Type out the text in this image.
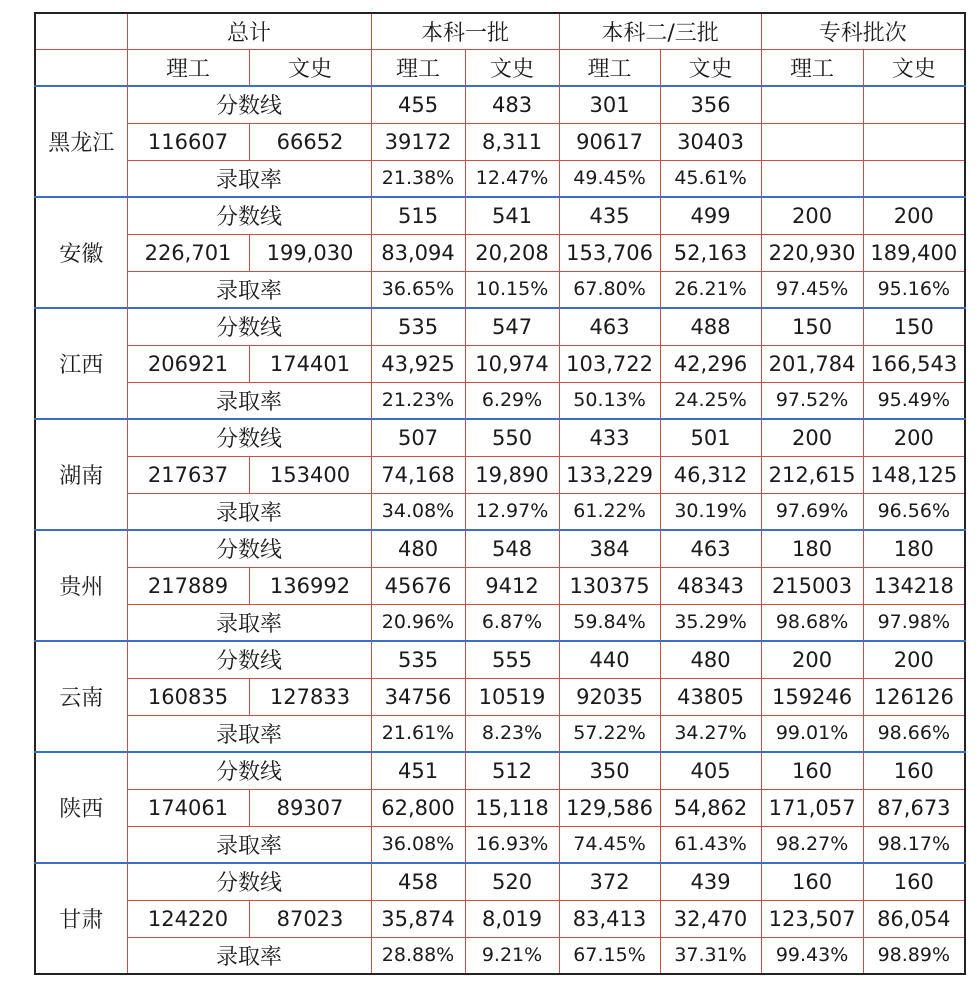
	总计		本科一批		本科二/三批		专科批次	
	理工	文史	理工	文史	理工	文史	理工	文史
黑龙江	分数线		455	483	301	356		
	116607	66652	39172	8,311	90617	30403		
	录取率		21.38%	12.47%	49.45%	45.61%		
安徽	分数线		515	541	435	499	200	200
	226,701	199,030	83,094	20,208	153,706	52,163	220,930	189,400
	录取率		36.65%	10.15%	67.80%	26.21%	97.45%	95.16%
江西	分数线		535	547	463	488	150	150
	206921	174401	43,925	10,974	103,722	42,296	201,784	166,543
	录取率		21.23%	6.29%	50.13%	24.25%	97.52%	95.49%
湖南	分数线		507	550	433	501	200	200
	217637	153400	74,168	19,890	133,229	46,312	212,615	148,125
	录取率		34.08%	12.97%	61.22%	30.19%	97.69%	96.56%
贵州	分数线		480	548	384	463	180	180
	217889	136992	45676	9412	130375	48343	215003	134218
	录取率		20.96%	6.87%	59.84%	35.29%	98.68%	97.98%
云南	分数线		535	555	440	480	200	200
	160835	127833	34756	10519	92035	43805	159246	126126
	录取率		21.61%	8.23%	57.22%	34.27%	99.01%	98.66%
陕西	分数线		451	512	350	405	160	160
	174061	89307	62,800	15,118	129,586	54,862	171,057	87,673
	录取率		36.08%	16.93%	74.45%	61.43%	98.27%	98.17%
甘肃	分数线		458	520	372	439	160	160
	124220	87023	35,874	8,019	83,413	32,470	123,507	86,054
	录取率		28.88%	9.21%	67.15%	37.31%	99.43%	98.89%
